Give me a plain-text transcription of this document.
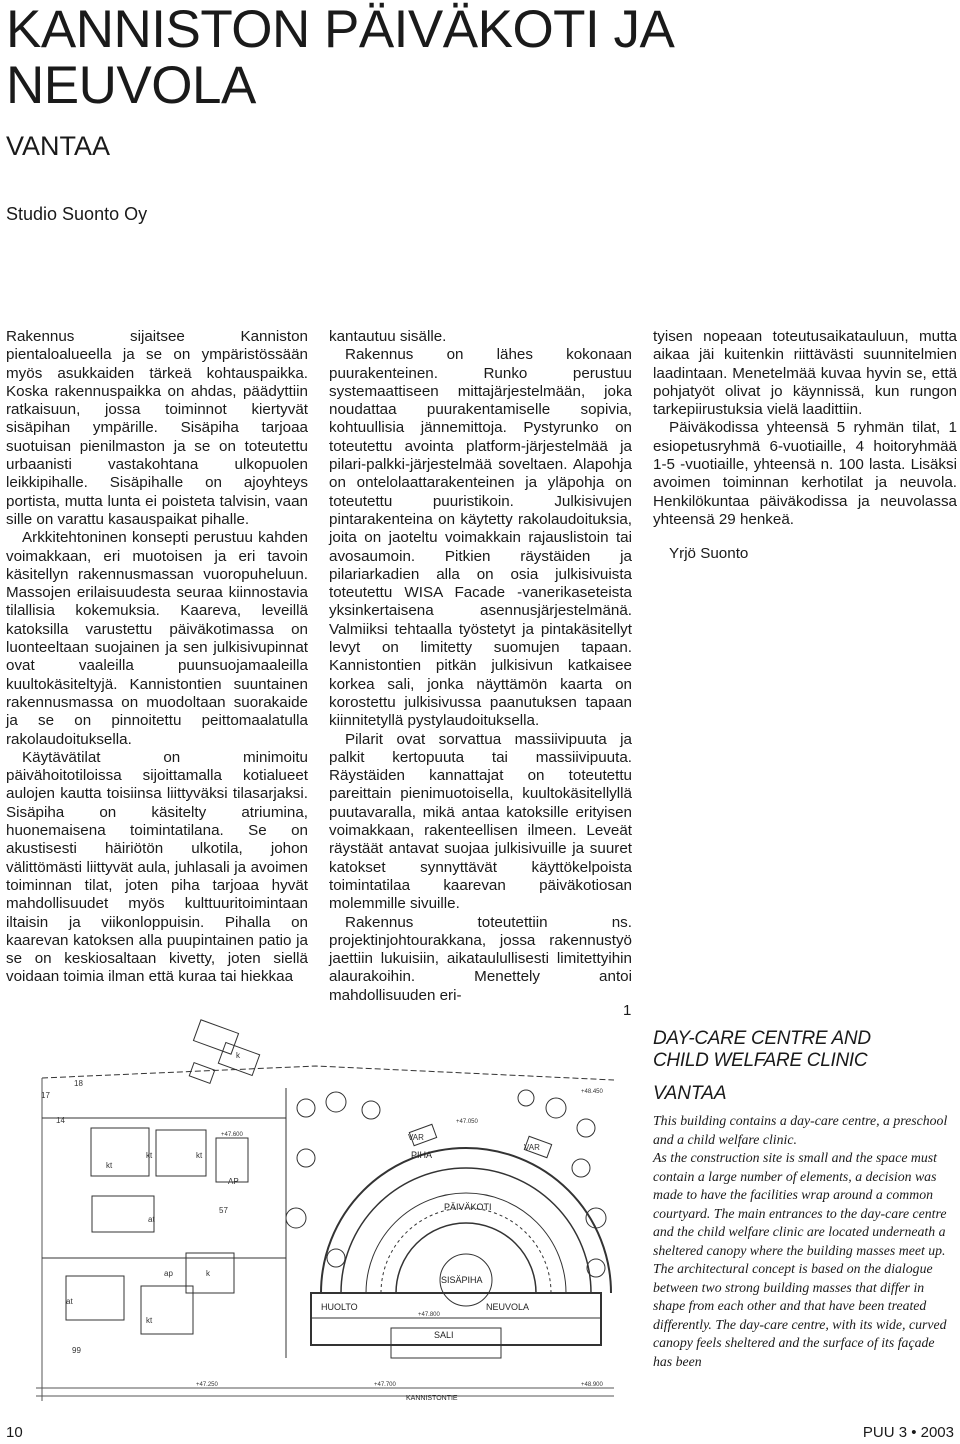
KANNISTON PÄIVÄKOTI JA
NEUVOLA
VANTAA
Studio Suonto Oy

Rakennus sijaitsee Kanniston pientaloalueella ja se on ympäristössään myös asukkaiden tärkeä kohtauspaikka. Koska rakennuspaikka on ahdas, päädyttiin ratkaisuun, jossa toiminnot kiertyvät sisäpihan ympärille. Sisäpiha tarjoaa suotuisan pienilmaston ja se on toteutettu urbaanisti vastakohtana ulkopuolen leikkipihalle. Sisäpihalle on ajoyhteys portista, mutta lunta ei poisteta talvisin, vaan sille on varattu kasauspaikat pihalle.

Arkkitehtoninen konsepti perustuu kahden voimakkaan, eri muotoisen ja eri tavoin käsitellyn rakennusmassan vuoropuheluun. Massojen erilaisuudesta seuraa kiinnostavia tilallisia kokemuksia. Kaareva, leveillä katoksilla varustettu päiväkotimassa on luonteeltaan suojainen ja sen julkisivupinnat ovat vaaleilla puunsuojamaaleilla kuultokäsiteltyjä. Kannistontien suuntainen rakennusmassa on muodoltaan suorakaide ja se on pinnoitettu peittomaalatulla rakolaudoituksella.

Käytävätilat on minimoitu päivähoitotiloissa sijoittamalla kotialueet aulojen kautta toisiinsa liittyväksi tilasarjaksi. Sisäpiha on käsitelty atriumina, huonemaisena toimintatilana. Se on akustisesti häiriötön ulkotila, johon välittömästi liittyvät aula, juhlasali ja avoimen toiminnan tilat, joten piha tarjoaa hyvät mahdollisuudet myös kulttuuritoimintaan iltaisin ja viikonloppuisin. Pihalla on kaarevan katoksen alla puupintainen patio ja se on keskiosaltaan kivetty, joten siellä voidaan toimia ilman että kuraa tai hiekkaa

kantautuu sisälle.

Rakennus on lähes kokonaan puurakenteinen. Runko perustuu systemaattiseen mittajärjestelmään, joka noudattaa puurakentamiselle sopivia, kohtuullisia jännemittoja. Pystyrunko on toteutettu avointa platform-järjestelmää ja pilari-palkki-järjestelmää soveltaen. Alapohja on ontelolaattarakenteinen ja yläpohja on toteutettu puuristikoin. Julkisivujen pintarakenteina on käytetty rakolaudoituksia, joita on jaoteltu voimakkain rajauslistoin tai avosaumoin. Pitkien räystäiden ja pilariarkadien alla on osia julkisivuista toteutettu WISA Facade -vanerikaseteista yksinkertaisena asennusjärjestelmänä. Valmiiksi tehtaalla työstetyt ja pintakäsitellyt levyt on limitetty suomujen tapaan. Kannistontien pitkän julkisivun katkaisee korkea sali, jonka näyttämön kaarta on korostettu julkisivussa paanutuksen tapaan kiinnitetyllä pystylaudoituksella.

Pilarit ovat sorvattua massiivipuuta ja palkit kertopuuta tai massiivipuuta. Räystäiden kannattajat on toteutettu pareittain pienimuotoisella, kuultokäsitellyllä puutavaralla, mikä antaa katoksille erityisen voimakkaan, rakenteellisen ilmeen. Leveät räystäät antavat suojaa julkisivuille ja suuret katokset synnyttävät käyttökelpoista toimintatilaa kaarevan päiväkotiosan molemmille sivuille.

Rakennus toteutettiin ns. projektinjohtourakkana, jossa rakennustyö jaettiin lukuisiin, aikataulullisesti limitettyihin alaurakoihin. Menettely antoi mahdollisuuden eri-

tyisen nopeaan toteutusaikatauluun, mutta aikaa jäi kuitenkin riittävästi suunnitelmien laadintaan. Menetelmää kuvaa hyvin se, että pohjatyöt olivat jo käynnissä, kun rungon tarkepiirustuksia vielä laadittiin.

Päiväkodissa yhteensä 5 ryhmän tilat, 1 esiopetusryhmä 6-vuotiaille, 4 hoitoryhmää 1-5 -vuotiaille, yhteensä n. 100 lasta. Lisäksi avoimen toiminnan kerhotilat ja neuvola. Henkilökuntaa päiväkodissa ja neuvolassa yhteensä 29 henkeä.

Yrjö Suonto

1
17
14
18
57
99
kt	kt
kt
k
k
at
at
ap
kt
AP
VAR
VAR
+47.600
+47.050
+47.800
+48.450
+47.250	+47.700	+48.900
PIHA
PÄIVÄKOTI
SISÄPIHA
HUOLTO	NEUVOLA
SALI
KANNISTONTIE
DAY-CARE CENTRE AND
CHILD WELFARE CLINIC
VANTAA

This building contains a day-care centre, a preschool and a child welfare clinic.

As the construction site is small and the space must contain a large number of elements, a decision was made to have the facilities wrap around a common courtyard. The main entrances to the day-care centre and the child welfare clinic are located underneath a sheltered canopy where the building masses meet up.

The architectural concept is based on the dialogue between two strong building masses that differ in shape from each other and that have been treated differently. The day-care centre, with its wide, curved canopy feels sheltered and the surface of its façade has been

10	PUU 3 • 2003
